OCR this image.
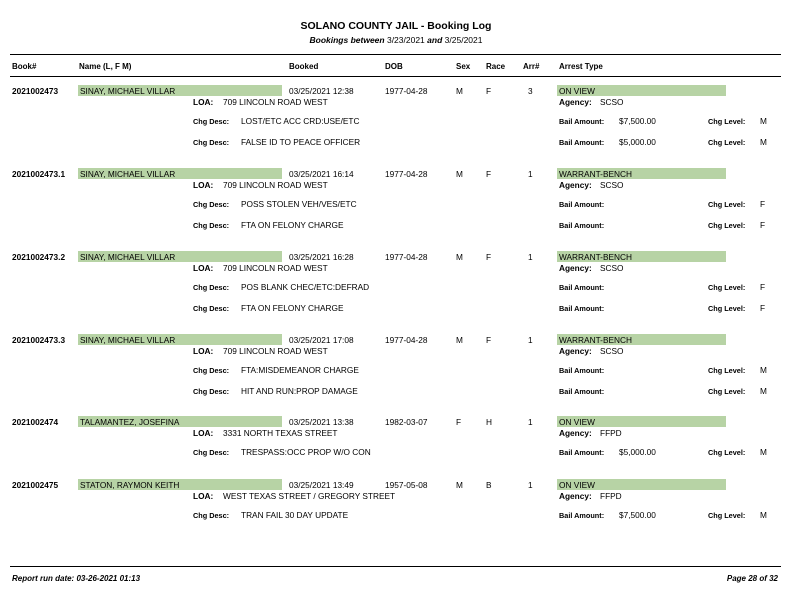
SOLANO COUNTY JAIL - Booking Log
Bookings between 3/23/2021 and 3/25/2021
Book#	Name (L, F M)	Booked	DOB	Sex Race Arr# Arrest Type
2021002473	SINAY, MICHAEL VILLAR	03/25/2021 12:38	1977-04-28	M	F	3	ON VIEW
LOA: 709 LINCOLN ROAD WEST	Agency: SCSO
Chg Desc: LOST/ETC ACC CRD:USE/ETC	Bail Amount: $7,500.00	Chg Level: M
Chg Desc: FALSE ID TO PEACE OFFICER	Bail Amount: $5,000.00	Chg Level: M
2021002473.1 SINAY, MICHAEL VILLAR	03/25/2021 16:14	1977-04-28	M	F	1	WARRANT-BENCH
LOA: 709 LINCOLN ROAD WEST	Agency: SCSO
Chg Desc: POSS STOLEN VEH/VES/ETC	Bail Amount:	Chg Level: F
Chg Desc: FTA ON FELONY CHARGE	Bail Amount:	Chg Level: F
2021002473.2 SINAY, MICHAEL VILLAR	03/25/2021 16:28	1977-04-28	M	F	1	WARRANT-BENCH
LOA: 709 LINCOLN ROAD WEST	Agency: SCSO
Chg Desc: POS BLANK CHEC/ETC:DEFRAD	Bail Amount:	Chg Level: F
Chg Desc: FTA ON FELONY CHARGE	Bail Amount:	Chg Level: F
2021002473.3 SINAY, MICHAEL VILLAR	03/25/2021 17:08	1977-04-28	M	F	1	WARRANT-BENCH
LOA: 709 LINCOLN ROAD WEST	Agency: SCSO
Chg Desc: FTA:MISDEMEANOR CHARGE	Bail Amount:	Chg Level: M
Chg Desc: HIT AND RUN:PROP DAMAGE	Bail Amount:	Chg Level: M
2021002474	TALAMANTEZ, JOSEFINA	03/25/2021 13:38	1982-03-07	F	H	1	ON VIEW
LOA: 3331 NORTH TEXAS STREET	Agency: FFPD
Chg Desc: TRESPASS:OCC PROP W/O CON	Bail Amount: $5,000.00	Chg Level: M
2021002475	STATON, RAYMON KEITH	03/25/2021 13:49	1957-05-08	M	B	1	ON VIEW
LOA: WEST TEXAS STREET / GREGORY STREET	Agency: FFPD
Chg Desc: TRAN FAIL 30 DAY UPDATE	Bail Amount: $7,500.00	Chg Level: M
Report run date: 03-26-2021 01:13	Page 28 of 32
